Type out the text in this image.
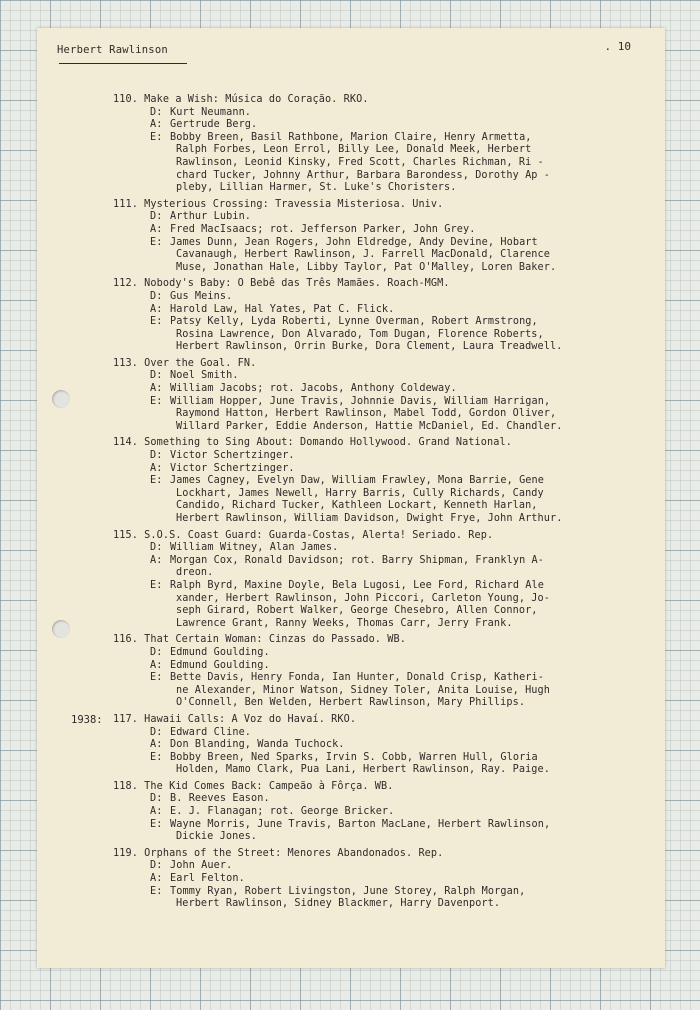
Herbert Rawlinson	. 10
110. Make a Wish: Música do Coração. RKO.
D: Kurt Neumann.
A: Gertrude Berg.
E: Bobby Breen, Basil Rathbone, Marion Claire, Henry Armetta,
Ralph Forbes, Leon Errol, Billy Lee, Donald Meek, Herbert
Rawlinson, Leonid Kinsky, Fred Scott, Charles Richman, Ri -
chard Tucker, Johnny Arthur, Barbara Barondess, Dorothy Ap -
pleby, Lillian Harmer, St. Luke's Choristers.
111. Mysterious Crossing: Travessia Misteriosa. Univ.
D: Arthur Lubin.
A: Fred MacIsaacs; rot. Jefferson Parker, John Grey.
E: James Dunn, Jean Rogers, John Eldredge, Andy Devine, Hobart
Cavanaugh, Herbert Rawlinson, J. Farrell MacDonald, Clarence
Muse, Jonathan Hale, Libby Taylor, Pat O'Malley, Loren Baker.
112. Nobody's Baby: O Bebê das Três Mamães. Roach-MGM.
D: Gus Meins.
A: Harold Law, Hal Yates, Pat C. Flick.
E: Patsy Kelly, Lyda Roberti, Lynne Overman, Robert Armstrong,
Rosina Lawrence, Don Alvarado, Tom Dugan, Florence Roberts,
Herbert Rawlinson, Orrin Burke, Dora Clement, Laura Treadwell.
113. Over the Goal. FN.
D: Noel Smith.
A: William Jacobs; rot. Jacobs, Anthony Coldeway.
E: William Hopper, June Travis, Johnnie Davis, William Harrigan,
Raymond Hatton, Herbert Rawlinson, Mabel Todd, Gordon Oliver,
Willard Parker, Eddie Anderson, Hattie McDaniel, Ed. Chandler.
114. Something to Sing About: Domando Hollywood. Grand National.
D: Victor Schertzinger.
A: Victor Schertzinger.
E: James Cagney, Evelyn Daw, William Frawley, Mona Barrie, Gene
Lockhart, James Newell, Harry Barris, Cully Richards, Candy
Candido, Richard Tucker, Kathleen Lockart, Kenneth Harlan,
Herbert Rawlinson, William Davidson, Dwight Frye, John Arthur.
115. S.O.S. Coast Guard: Guarda-Costas, Alerta! Seriado. Rep.
D: William Witney, Alan James.
A: Morgan Cox, Ronald Davidson; rot. Barry Shipman, Franklyn A-
dreon.
E: Ralph Byrd, Maxine Doyle, Bela Lugosi, Lee Ford, Richard Ale
xander, Herbert Rawlinson, John Piccori, Carleton Young, Jo-
seph Girard, Robert Walker, George Chesebro, Allen Connor,
Lawrence Grant, Ranny Weeks, Thomas Carr, Jerry Frank.
116. That Certain Woman: Cinzas do Passado. WB.
D: Edmund Goulding.
A: Edmund Goulding.
E: Bette Davis, Henry Fonda, Ian Hunter, Donald Crisp, Katheri-
ne Alexander, Minor Watson, Sidney Toler, Anita Louise, Hugh
O'Connell, Ben Welden, Herbert Rawlinson, Mary Phillips.
1938:	117. Hawaii Calls: A Voz do Havaí. RKO.
D: Edward Cline.
A: Don Blanding, Wanda Tuchock.
E: Bobby Breen, Ned Sparks, Irvin S. Cobb, Warren Hull, Gloria
Holden, Mamo Clark, Pua Lani, Herbert Rawlinson, Ray. Paige.
118. The Kid Comes Back: Campeão à Fôrça. WB.
D: B. Reeves Eason.
A: E. J. Flanagan; rot. George Bricker.
E: Wayne Morris, June Travis, Barton MacLane, Herbert Rawlinson,
Dickie Jones.
119. Orphans of the Street: Menores Abandonados. Rep.
D: John Auer.
A: Earl Felton.
E: Tommy Ryan, Robert Livingston, June Storey, Ralph Morgan,
Herbert Rawlinson, Sidney Blackmer, Harry Davenport.
